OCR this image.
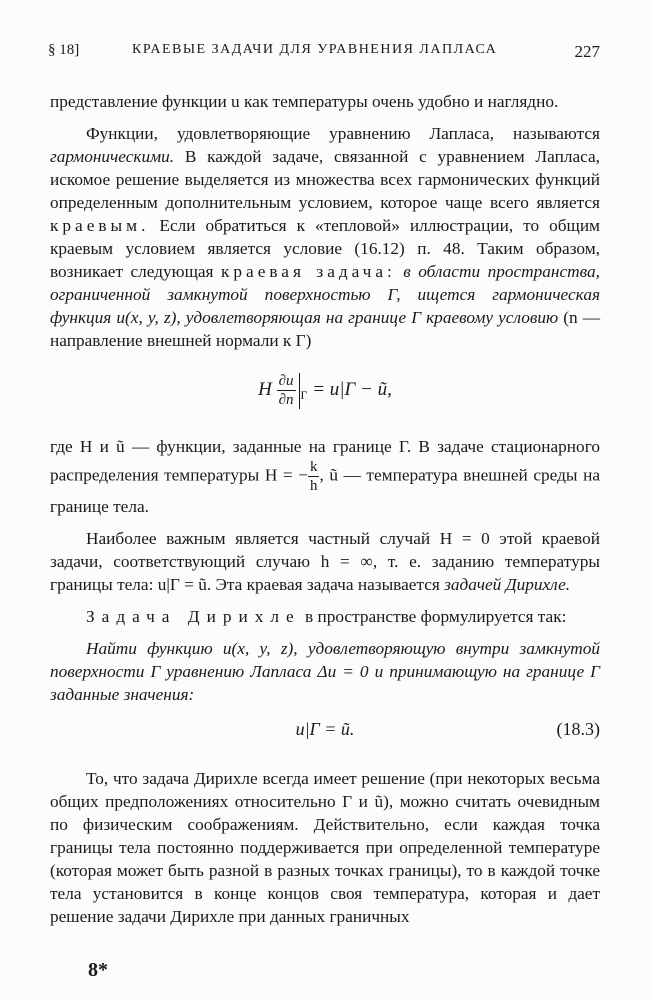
§ 18]	КРАЕВЫЕ ЗАДАЧИ ДЛЯ УРАВНЕНИЯ ЛАПЛАСА	227

представление функции u как температуры очень удобно и наглядно.

Функции, удовлетворяющие уравнению Лапласа, называются гармоническими. В каждой задаче, связанной с уравнением Лапласа, искомое решение выделяется из множества всех гармонических функций определенным дополнительным условием, которое чаще всего является краевым. Если обратиться к «тепловой» иллюстрации, то общим краевым условием является условие (16.12) п. 48. Таким образом, возникает следующая краевая задача: в области пространства, ограниченной замкнутой поверхностью Г, ищется гармоническая функция u(x, y, z), удовлетворяющая на границе Г краевому условию (n — направление внешней нормали к Г)

H $\frac{\partial u}{\partial n} _Г = u|Г$ − ũ,

где H и ũ — функции, заданные на границе Г. В задаче стационарного распределения температуры H = − $\frac{k}{h}$ , ũ — температура внешней среды на границе тела.

Наиболее важным является частный случай H = 0 этой краевой задачи, соответствующий случаю h = ∞, т. е. заданию температуры границы тела: u|Г = ũ. Эта краевая задача называется задачей Дирихле.

Задача Дирихле в пространстве формулируется так:

Найти функцию u(x, y, z), удовлетворяющую внутри замкнутой поверхности Г уравнению Лапласа Δu = 0 и принимающую на границе Г заданные значения:

u|Г = ũ.	(18.3)

То, что задача Дирихле всегда имеет решение (при некоторых весьма общих предположениях относительно Г и ũ), можно считать очевидным по физическим соображениям. Действительно, если каждая точка границы тела постоянно поддерживается при определенной температуре (которая может быть разной в разных точках границы), то в каждой точке тела установится в конце концов своя температура, которая и дает решение задачи Дирихле при данных граничных

8*
